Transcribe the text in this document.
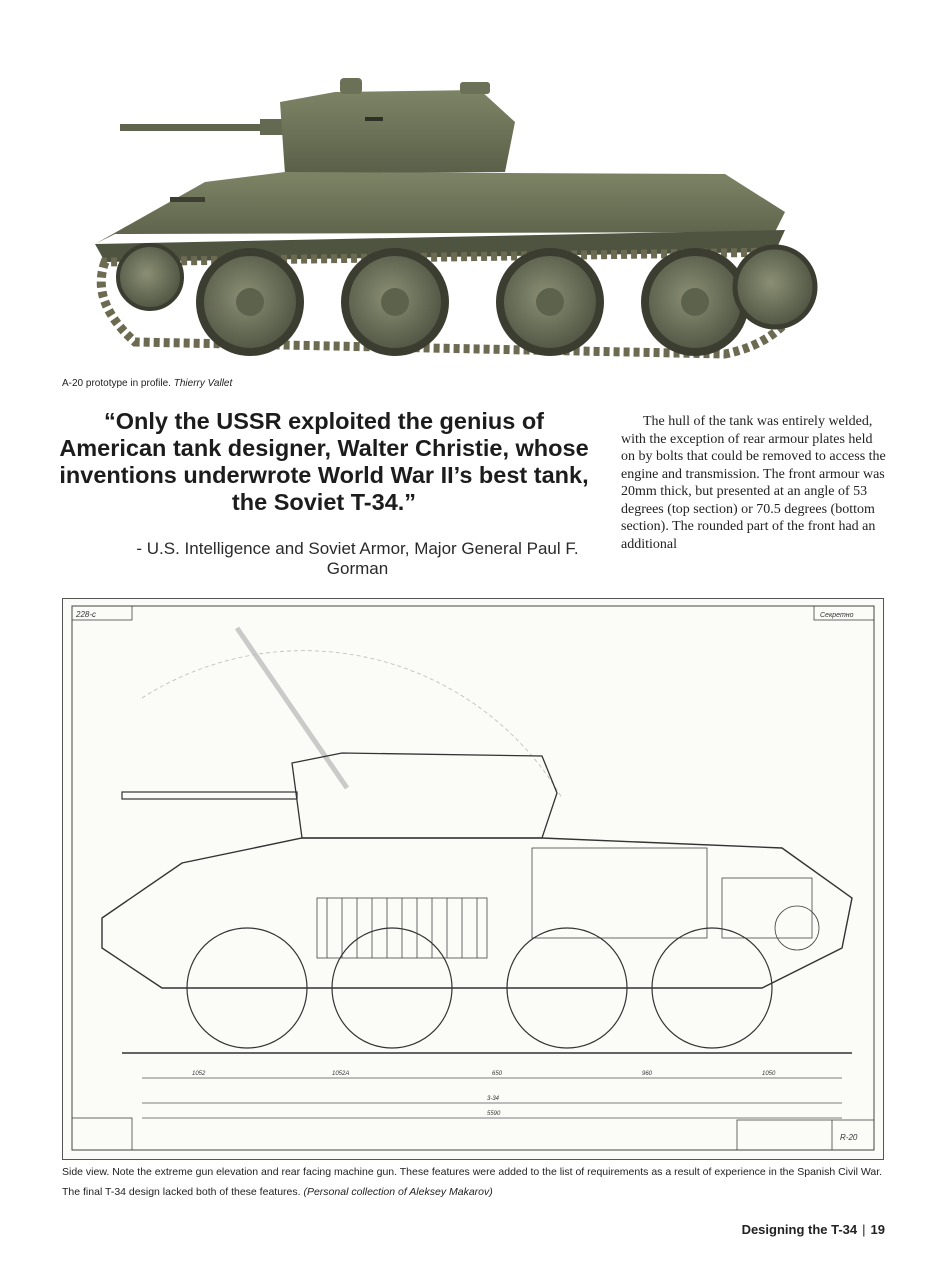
A-20 prototype in profile. Thierry Vallet
“Only the USSR exploited the genius of American tank designer, Walter Christie, whose inventions underwrote World War II’s best tank, the Soviet T-34.”
- U.S. Intelligence and Soviet Armor, Major General Paul F. Gorman
The hull of the tank was entirely welded, with the exception of rear armour plates held on by bolts that could be removed to access the engine and transmission. The front armour was 20mm thick, but presented at an angle of 53 degrees (top section) or 70.5 degrees (bottom section). The rounded part of the front had an additional
228-c	Секретно
1052	1052А	650	960	1050
3-34
5590
R-20
Side view. Note the extreme gun elevation and rear facing machine gun. These features were added to the list of requirements as a result of experience in the Spanish Civil War. The final T-34 design lacked both of these features. (Personal collection of Aleksey Makarov)
Designing the T-34 | 19
